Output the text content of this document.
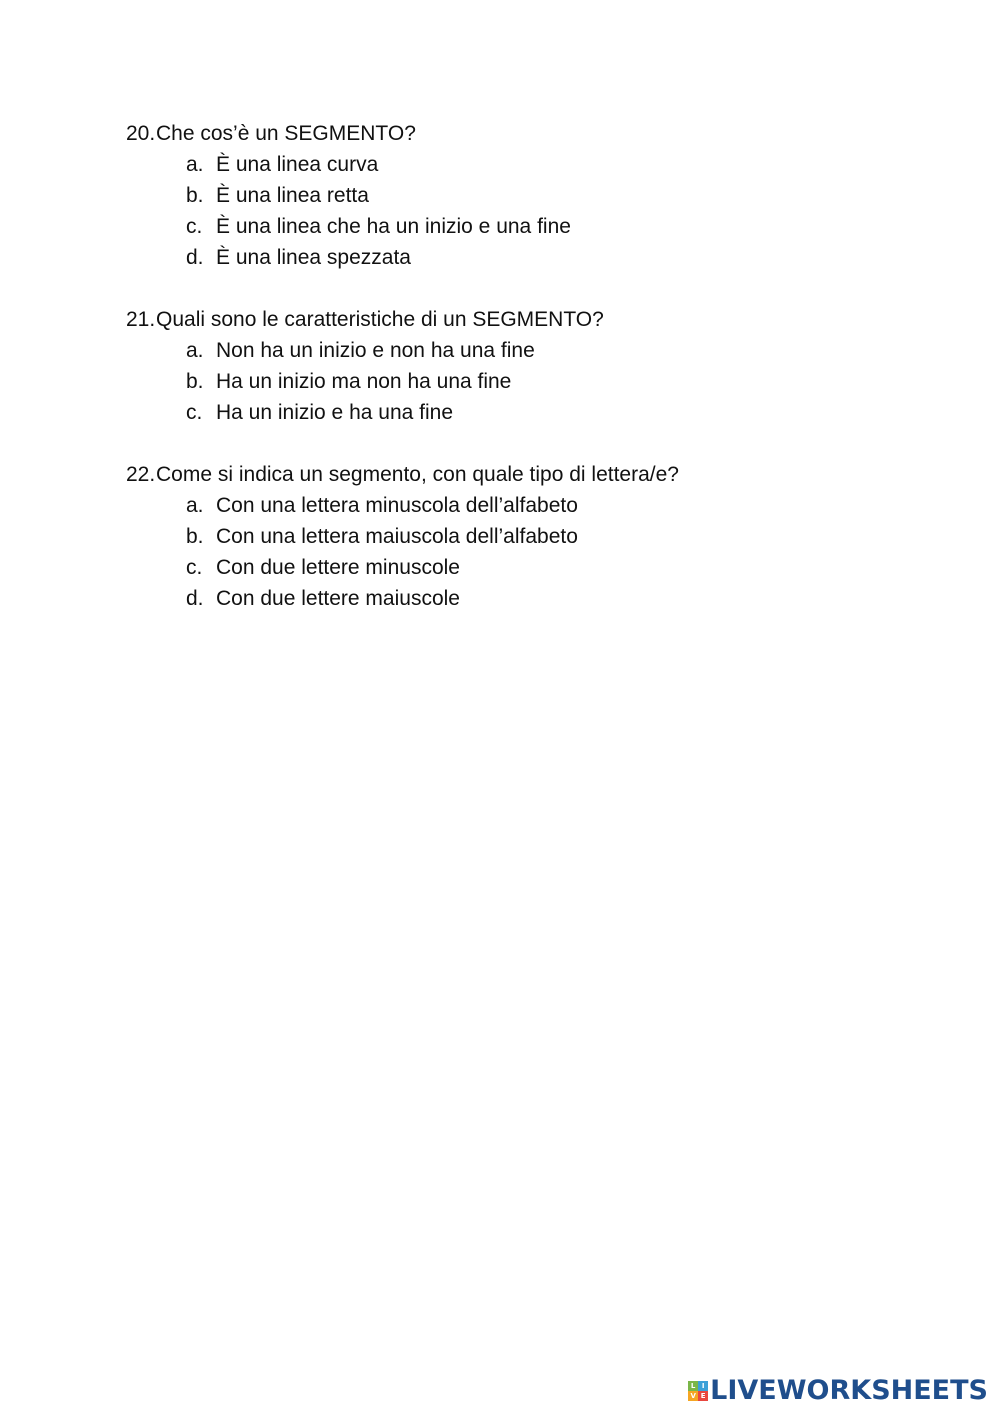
20.Che cos’è un SEGMENTO?
a. È una linea curva
b. È una linea retta
c. È una linea che ha un inizio e una fine
d. È una linea spezzata
21.Quali sono le caratteristiche di un SEGMENTO?
a. Non ha un inizio e non ha una fine
b. Ha un inizio ma non ha una fine
c. Ha un inizio e ha una fine
22.Come si indica un segmento, con quale tipo di lettera/e?
a. Con una lettera minuscola dell’alfabeto
b. Con una lettera maiuscola dell’alfabeto
c. Con due lettere minuscole
d. Con due lettere maiuscole
L I
V E LIVEWORKSHEETS
